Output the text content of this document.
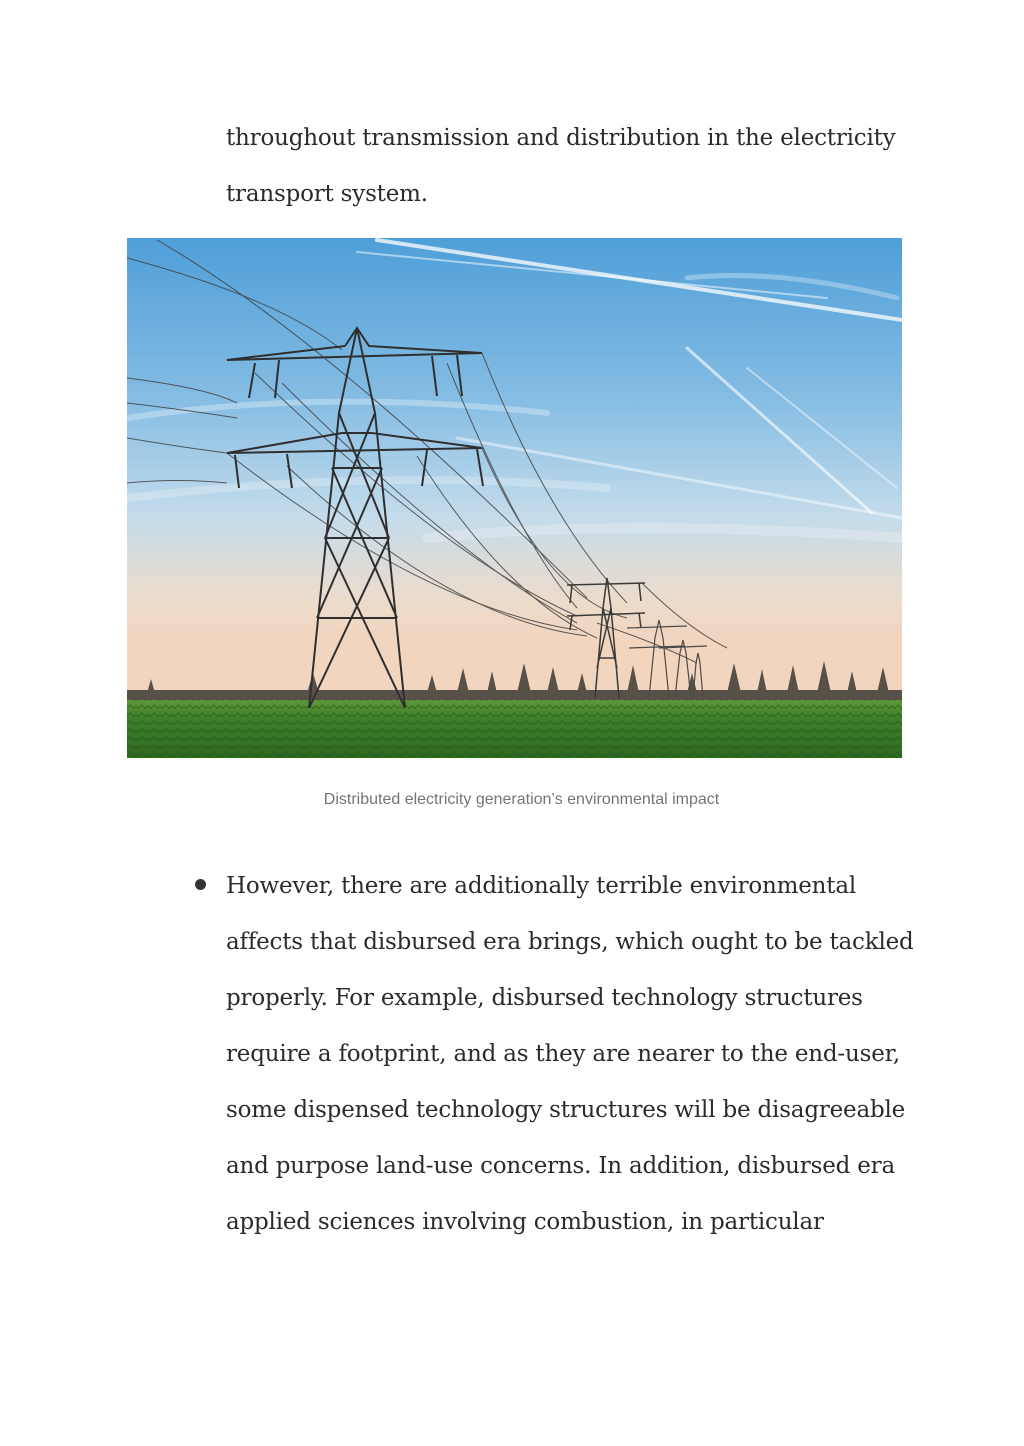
throughout transmission and distribution in the electricity
transport system.
Distributed electricity generation’s environmental impact
However, there are additionally terrible environmental
affects that disbursed era brings, which ought to be tackled
properly. For example, disbursed technology structures
require a footprint, and as they are nearer to the end-user,
some dispensed technology structures will be disagreeable
and purpose land-use concerns. In addition, disbursed era
applied sciences involving combustion, in particular
